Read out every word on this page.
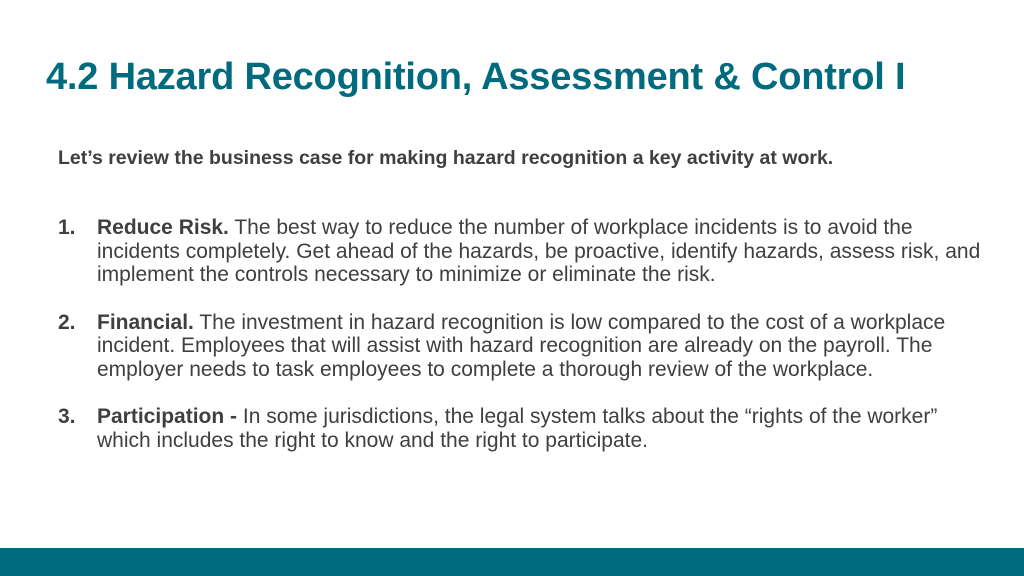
4.2 Hazard Recognition, Assessment & Control I

Let’s review the business case for making hazard recognition a key activity at work.

1. Reduce Risk. The best way to reduce the number of workplace incidents is to avoid the incidents completely. Get ahead of the hazards, be proactive, identify hazards, assess risk, and implement the controls necessary to minimize or eliminate the risk.
2. Financial. The investment in hazard recognition is low compared to the cost of a workplace incident. Employees that will assist with hazard recognition are already on the payroll. The employer needs to task employees to complete a thorough review of the workplace.
3. Participation - In some jurisdictions, the legal system talks about the “rights of the worker” which includes the right to know and the right to participate.
